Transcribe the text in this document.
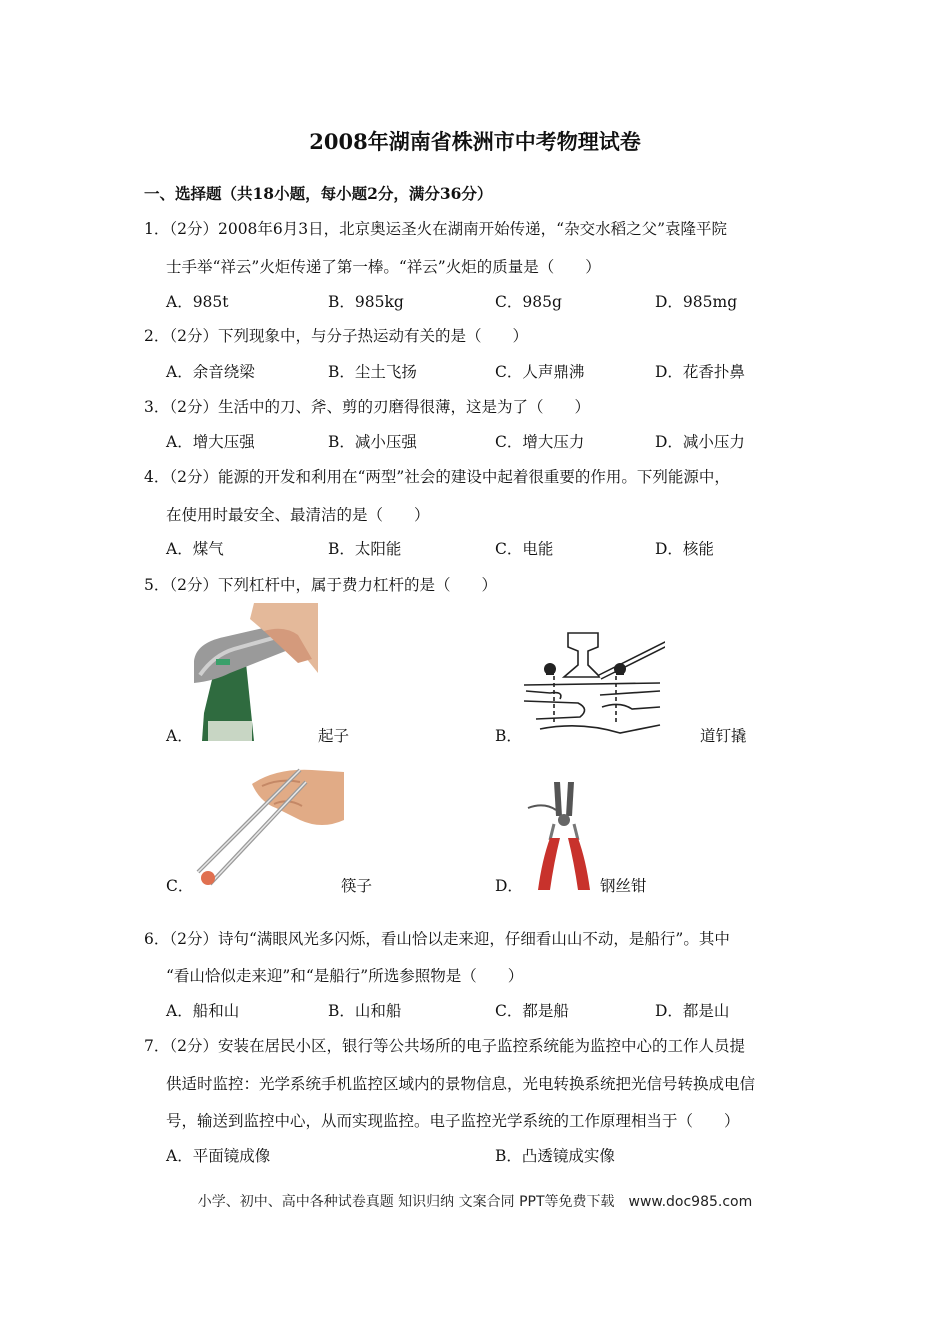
2008年湖南省株洲市中考物理试卷
一、选择题（共18小题，每小题2分，满分36分）
1．（2分）2008年6月3日，北京奥运圣火在湖南开始传递，“杂交水稻之父”袁隆平院
士手举“祥云”火炬传递了第一棒。“祥云”火炬的质量是（　　）
A．985t	B．985kg	C．985g	D．985mg
2．（2分）下列现象中，与分子热运动有关的是（　　）
A．余音绕梁	B．尘土飞扬	C．人声鼎沸	D．花香扑鼻
3．（2分）生活中的刀、斧、剪的刃磨得很薄，这是为了（　　）
A．增大压强	B．减小压强	C．增大压力	D．减小压力
4．（2分）能源的开发和利用在“两型”社会的建设中起着很重要的作用。下列能源中，
在使用时最安全、最清洁的是（　　）
A．煤气	B．太阳能	C．电能	D．核能
5．（2分）下列杠杆中，属于费力杠杆的是（　　）
A．	起子	B．	道钉撬
C．	筷子	D．	钢丝钳
6．（2分）诗句“满眼风光多闪烁，看山恰以走来迎，仔细看山山不动，是船行”。其中
“看山恰似走来迎”和“是船行”所选参照物是（　　）
A．船和山	B．山和船	C．都是船	D．都是山
7．（2分）安装在居民小区，银行等公共场所的电子监控系统能为监控中心的工作人员提
供适时监控：光学系统手机监控区域内的景物信息，光电转换系统把光信号转换成电信
号，输送到监控中心，从而实现监控。电子监控光学系统的工作原理相当于（　　）
A．平面镜成像	B．凸透镜成实像
小学、初中、高中各种试卷真题 知识归纳 文案合同 PPT等免费下载　www.doc985.com
